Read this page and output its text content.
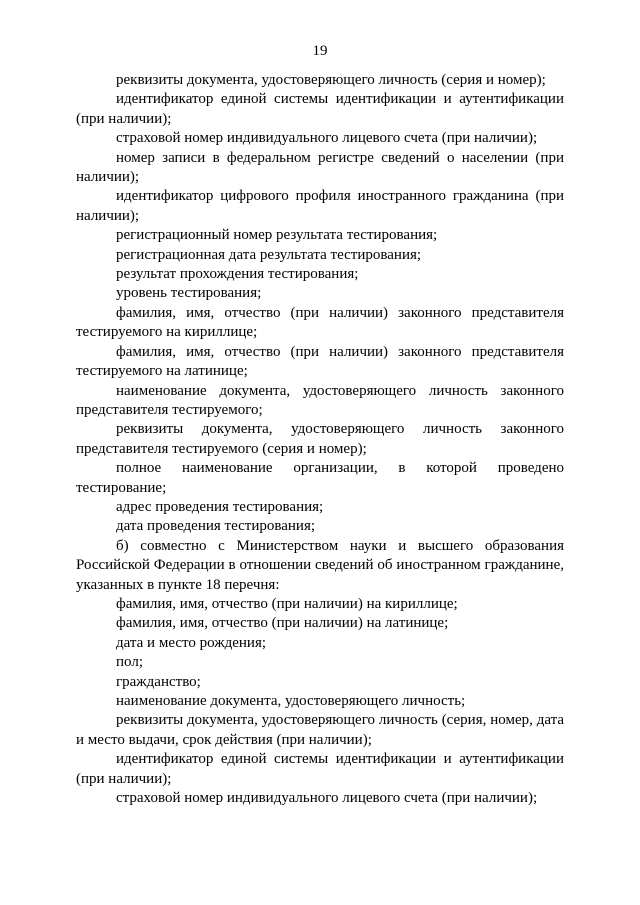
19

реквизиты документа, удостоверяющего личность (серия и номер);

идентификатор единой системы идентификации и аутентификации (при наличии);

страховой номер индивидуального лицевого счета (при наличии);

номер записи в федеральном регистре сведений о населении (при наличии);

идентификатор цифрового профиля иностранного гражданина (при наличии);

регистрационный номер результата тестирования;

регистрационная дата результата тестирования;

результат прохождения тестирования;

уровень тестирования;

фамилия, имя, отчество (при наличии) законного представителя тестируемого на кириллице;

фамилия, имя, отчество (при наличии) законного представителя тестируемого на латинице;

наименование документа, удостоверяющего личность законного представителя тестируемого;

реквизиты документа, удостоверяющего личность законного представителя тестируемого (серия и номер);

полное наименование организации, в которой проведено тестирование;

адрес проведения тестирования;

дата проведения тестирования;

б) совместно с Министерством науки и высшего образования Российской Федерации в отношении сведений об иностранном гражданине, указанных в пункте 18 перечня:

фамилия, имя, отчество (при наличии) на кириллице;

фамилия, имя, отчество (при наличии) на латинице;

дата и место рождения;

пол;

гражданство;

наименование документа, удостоверяющего личность;

реквизиты документа, удостоверяющего личность (серия, номер, дата и место выдачи, срок действия (при наличии);

идентификатор единой системы идентификации и аутентификации (при наличии);

страховой номер индивидуального лицевого счета (при наличии);
